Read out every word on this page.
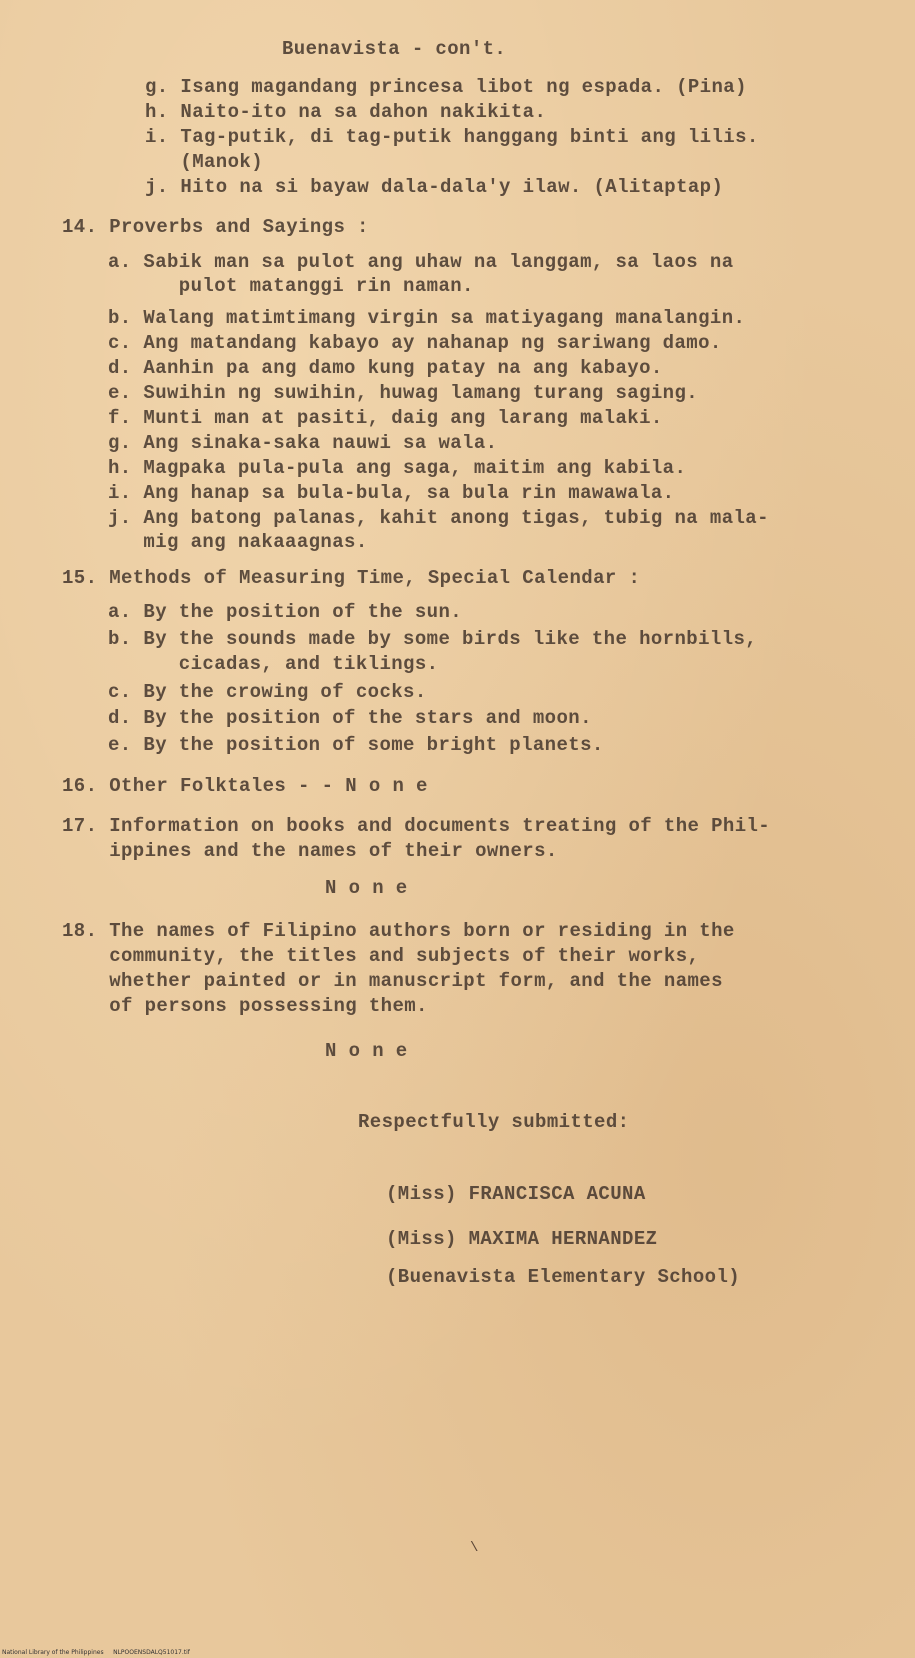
Buenavista - con't.
g. Isang magandang princesa libot ng espada. (Pina)
h. Naito-ito na sa dahon nakikita.
i. Tag-putik, di tag-putik hanggang binti ang lilis.
(Manok)
j. Hito na si bayaw dala-dala'y ilaw. (Alitaptap)
14. Proverbs and Sayings :
a. Sabik man sa pulot ang uhaw na langgam, sa laos na
pulot matanggi rin naman.
b. Walang matimtimang virgin sa matiyagang manalangin.
c. Ang matandang kabayo ay nahanap ng sariwang damo.
d. Aanhin pa ang damo kung patay na ang kabayo.
e. Suwihin ng suwihin, huwag lamang turang saging.
f. Munti man at pasiti, daig ang larang malaki.
g. Ang sinaka-saka nauwi sa wala.
h. Magpaka pula-pula ang saga, maitim ang kabila.
i. Ang hanap sa bula-bula, sa bula rin mawawala.
j. Ang batong palanas, kahit anong tigas, tubig na mala-
mig ang nakaaagnas.
15. Methods of Measuring Time, Special Calendar :
a. By the position of the sun.
b. By the sounds made by some birds like the hornbills,
cicadas, and tiklings.
c. By the crowing of cocks.
d. By the position of the stars and moon.
e. By the position of some bright planets.
16. Other Folktales - - N o n e
17. Information on books and documents treating of the Phil-
ippines and the names of their owners.
N o n e
18. The names of Filipino authors born or residing in the
community, the titles and subjects of their works,
whether painted or in manuscript form, and the names
of persons possessing them.
N o n e
Respectfully submitted:
(Miss) FRANCISCA ACUNA
(Miss) MAXIMA HERNANDEZ
(Buenavista Elementary School)
\
National Library of the Philippines     NLPOOENSDALQ51017.tif
